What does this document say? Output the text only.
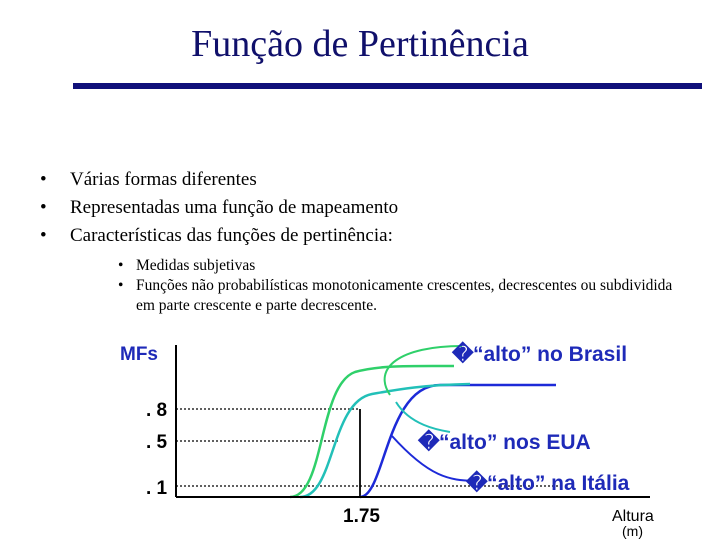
Função de Pertinência
• Várias formas diferentes
• Representadas uma função de mapeamento
• Características das funções de pertinência:
• Medidas subjetivas
• Funções não probabilísticas monotonicamente crescentes, decrescentes ou subdividida em parte crescente e parte decrescente.
MFs
. 8
. 5
. 1
1.75	Altura
(m)
� “alto” no Brasil
� “alto” nos EUA
� “alto” na Itália
